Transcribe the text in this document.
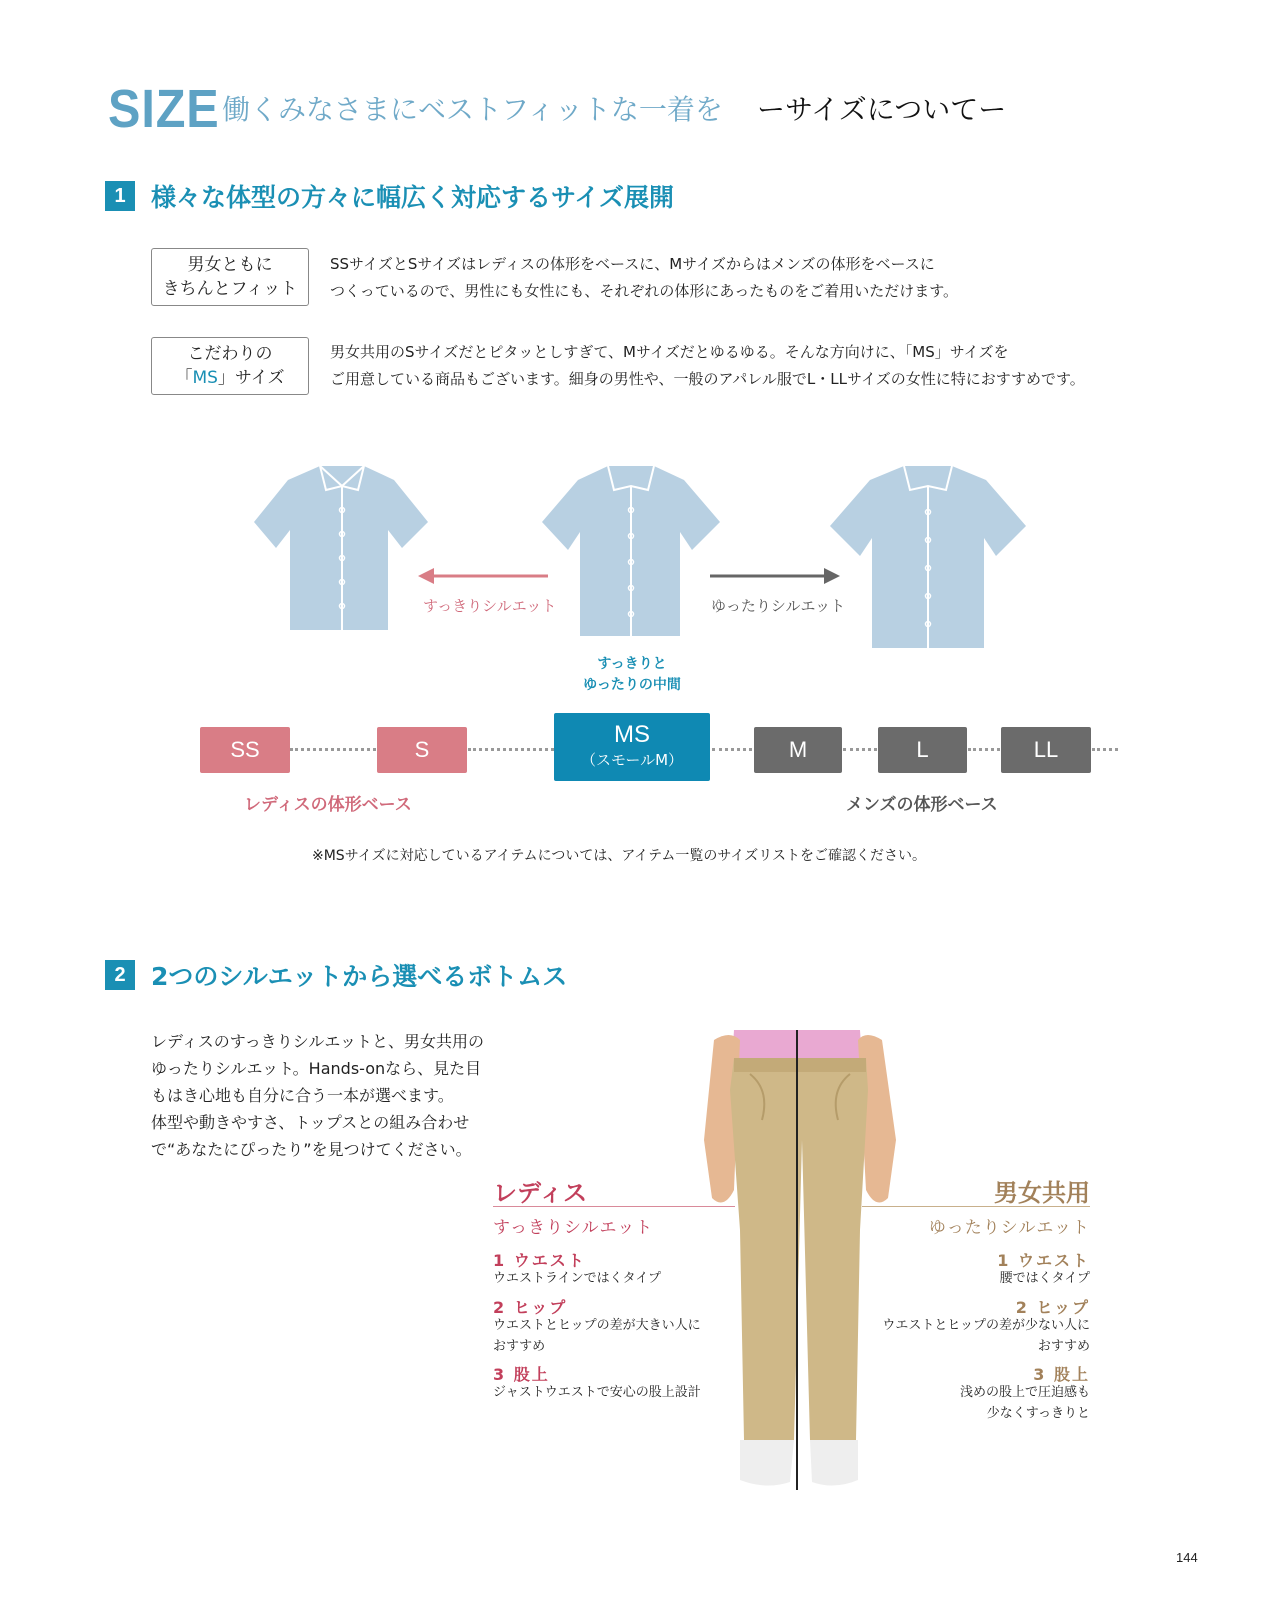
SIZE 働くみなさまにベストフィットな一着を ーサイズについてー
1	様々な体型の方々に幅広く対応するサイズ展開
男女ともに
きちんとフィット
SSサイズとSサイズはレディスの体形をベースに、Mサイズからはメンズの体形をベースに
つくっているので、男性にも女性にも、それぞれの体形にあったものをご着用いただけます。
こだわりの
「MS」サイズ
男女共用のSサイズだとピタッとしすぎて、Mサイズだとゆるゆる。そんな方向けに、「MS」サイズを
ご用意している商品もございます。細身の男性や、一般のアパレル服でL・LLサイズの女性に特におすすめです。
すっきりシルエット	ゆったりシルエット
すっきりと
ゆったりの中間
SS	S
MS
（スモールM）	M	L	LL
レディスの体形ベース	メンズの体形ベース
※MSサイズに対応しているアイテムについては、アイテム一覧のサイズリストをご確認ください。
2	2つのシルエットから選べるボトムス
レディスのすっきりシルエットと、男女共用の
ゆったりシルエット。Hands-onなら、見た目
もはき心地も自分に合う一本が選べます。
体型や動きやすさ、トップスとの組み合わせ
で“あなたにぴったり”を見つけてください。
レディス
すっきりシルエット
1 ウエスト
ウエストラインではくタイプ
2 ヒップ
ウエストとヒップの差が大きい人に
おすすめ
3 股上
ジャストウエストで安心の股上設計
男女共用
ゆったりシルエット
1 ウエスト
腰ではくタイプ
2 ヒップ
ウエストとヒップの差が少ない人に
おすすめ
3 股上
浅めの股上で圧迫感も
少なくすっきりと
144
